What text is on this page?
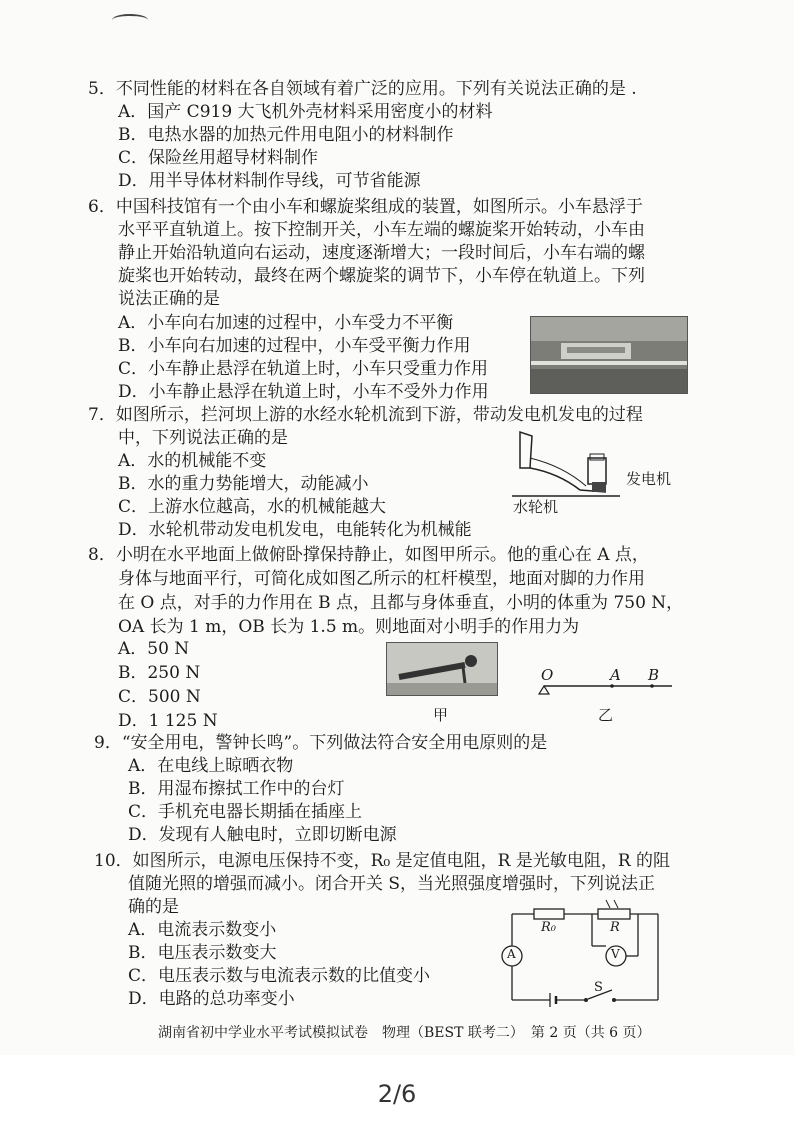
5．不同性能的材料在各自领域有着广泛的应用。下列有关说法正确的是 .
A．国产 C919 大飞机外壳材料采用密度小的材料
B．电热水器的加热元件用电阻小的材料制作
C．保险丝用超导材料制作
D．用半导体材料制作导线，可节省能源
6．中国科技馆有一个由小车和螺旋桨组成的装置，如图所示。小车悬浮于
水平平直轨道上。按下控制开关，小车左端的螺旋桨开始转动，小车由
静止开始沿轨道向右运动，速度逐渐增大；一段时间后，小车右端的螺
旋桨也开始转动，最终在两个螺旋桨的调节下，小车停在轨道上。下列
说法正确的是
A．小车向右加速的过程中，小车受力不平衡
B．小车向右加速的过程中，小车受平衡力作用
C．小车静止悬浮在轨道上时，小车只受重力作用
D．小车静止悬浮在轨道上时，小车不受外力作用
7．如图所示，拦河坝上游的水经水轮机流到下游，带动发电机发电的过程
中，下列说法正确的是
A．水的机械能不变
B．水的重力势能增大，动能减小
C．上游水位越高，水的机械能越大
D．水轮机带动发电机发电，电能转化为机械能
发电机
水轮机
8．小明在水平地面上做俯卧撑保持静止，如图甲所示。他的重心在 A 点，
身体与地面平行，可简化成如图乙所示的杠杆模型，地面对脚的力作用
在 O 点，对手的力作用在 B 点，且都与身体垂直，小明的体重为 750 N，
OA 长为 1 m，OB 长为 1.5 m。则地面对小明手的作用力为
A．50 N
B．250 N
C．500 N
D．1 125 N	甲
O	A B
乙
9．“安全用电，警钟长鸣”。下列做法符合安全用电原则的是
A．在电线上晾晒衣物
B．用湿布擦拭工作中的台灯
C．手机充电器长期插在插座上
D．发现有人触电时，立即切断电源
10．如图所示，电源电压保持不变，R₀ 是定值电阻，R 是光敏电阻，R 的阻
值随光照的增强而减小。闭合开关 S，当光照强度增强时，下列说法正
确的是
A．电流表示数变小
B．电压表示数变大
C．电压表示数与电流表示数的比值变小
D．电路的总功率变小
R₀	R
A	V
S
湖南省初中学业水平考试模拟试卷　物理（BEST 联考二）　第 2 页（共 6 页）
2/6
